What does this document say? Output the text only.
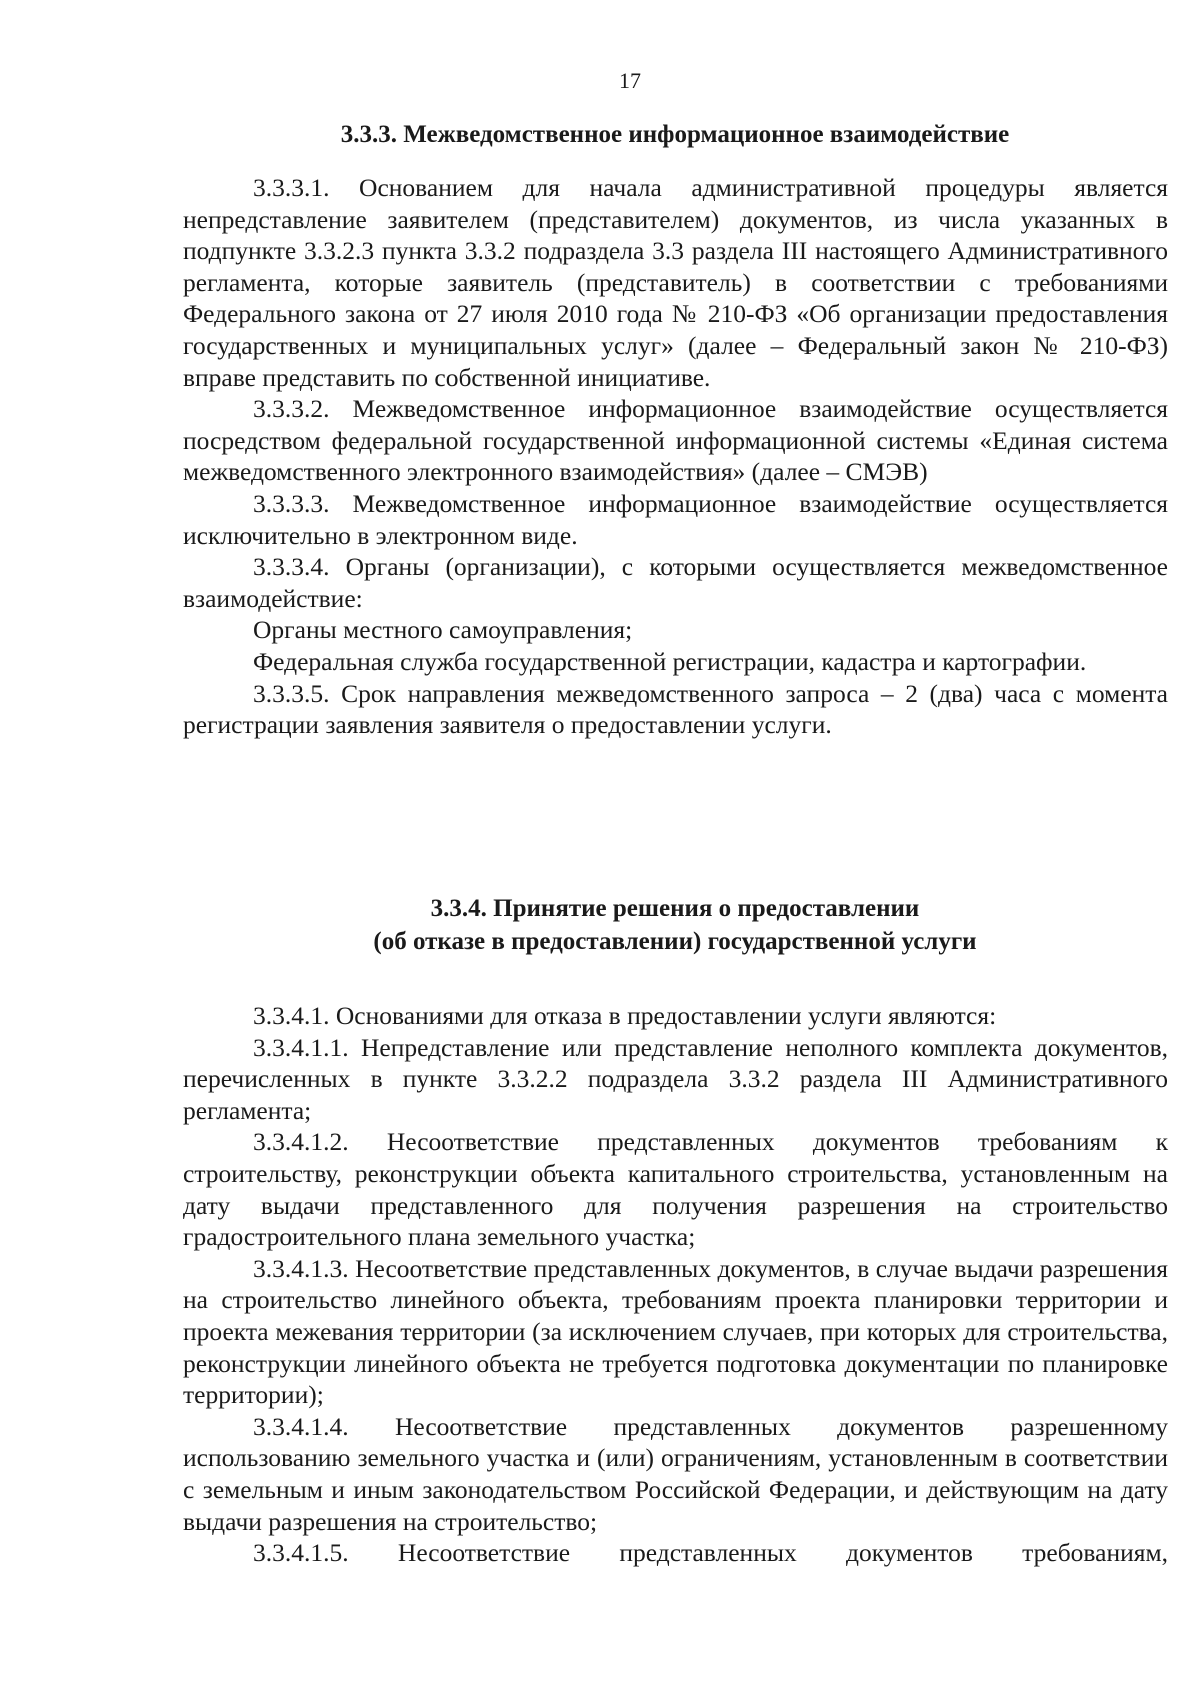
17
3.3.3. Межведомственное информационное взаимодействие

3.3.3.1. Основанием для начала административной процедуры является непредставление заявителем (представителем) документов, из числа указанных в подпункте 3.3.2.3 пункта 3.3.2 подраздела 3.3 раздела III настоящего Административного регламента, которые заявитель (представитель) в соответствии с требованиями Федерального закона от 27 июля 2010 года № 210-ФЗ «Об организации предоставления государственных и муниципальных услуг» (далее – Федеральный закон № 210-ФЗ) вправе представить по собственной инициативе.

3.3.3.2. Межведомственное информационное взаимодействие осуществляется посредством федеральной государственной информационной системы «Единая система межведомственного электронного взаимодействия» (далее – СМЭВ)

3.3.3.3. Межведомственное информационное взаимодействие осуществляется исключительно в электронном виде.

3.3.3.4. Органы (организации), с которыми осуществляется межведомственное взаимодействие:

Органы местного самоуправления;

Федеральная служба государственной регистрации, кадастра и картографии.

3.3.3.5. Срок направления межведомственного запроса – 2 (два) часа с момента регистрации заявления заявителя о предоставлении услуги.

3.3.4. Принятие решения о предоставлении
(об отказе в предоставлении) государственной услуги

3.3.4.1. Основаниями для отказа в предоставлении услуги являются:

3.3.4.1.1. Непредставление или представление неполного комплекта документов, перечисленных в пункте 3.3.2.2 подраздела 3.3.2 раздела III Административного регламента;

3.3.4.1.2. Несоответствие представленных документов требованиям к строительству, реконструкции объекта капитального строительства, установленным на дату выдачи представленного для получения разрешения на строительство градостроительного плана земельного участка;

3.3.4.1.3. Несоответствие представленных документов, в случае выдачи разрешения на строительство линейного объекта, требованиям проекта планировки территории и проекта межевания территории (за исключением случаев, при которых для строительства, реконструкции линейного объекта не требуется подготовка документации по планировке территории);

3.3.4.1.4. Несоответствие представленных документов разрешенному использованию земельного участка и (или) ограничениям, установленным в соответствии с земельным и иным законодательством Российской Федерации, и действующим на дату выдачи разрешения на строительство;

3.3.4.1.5. Несоответствие представленных документов требованиям,
